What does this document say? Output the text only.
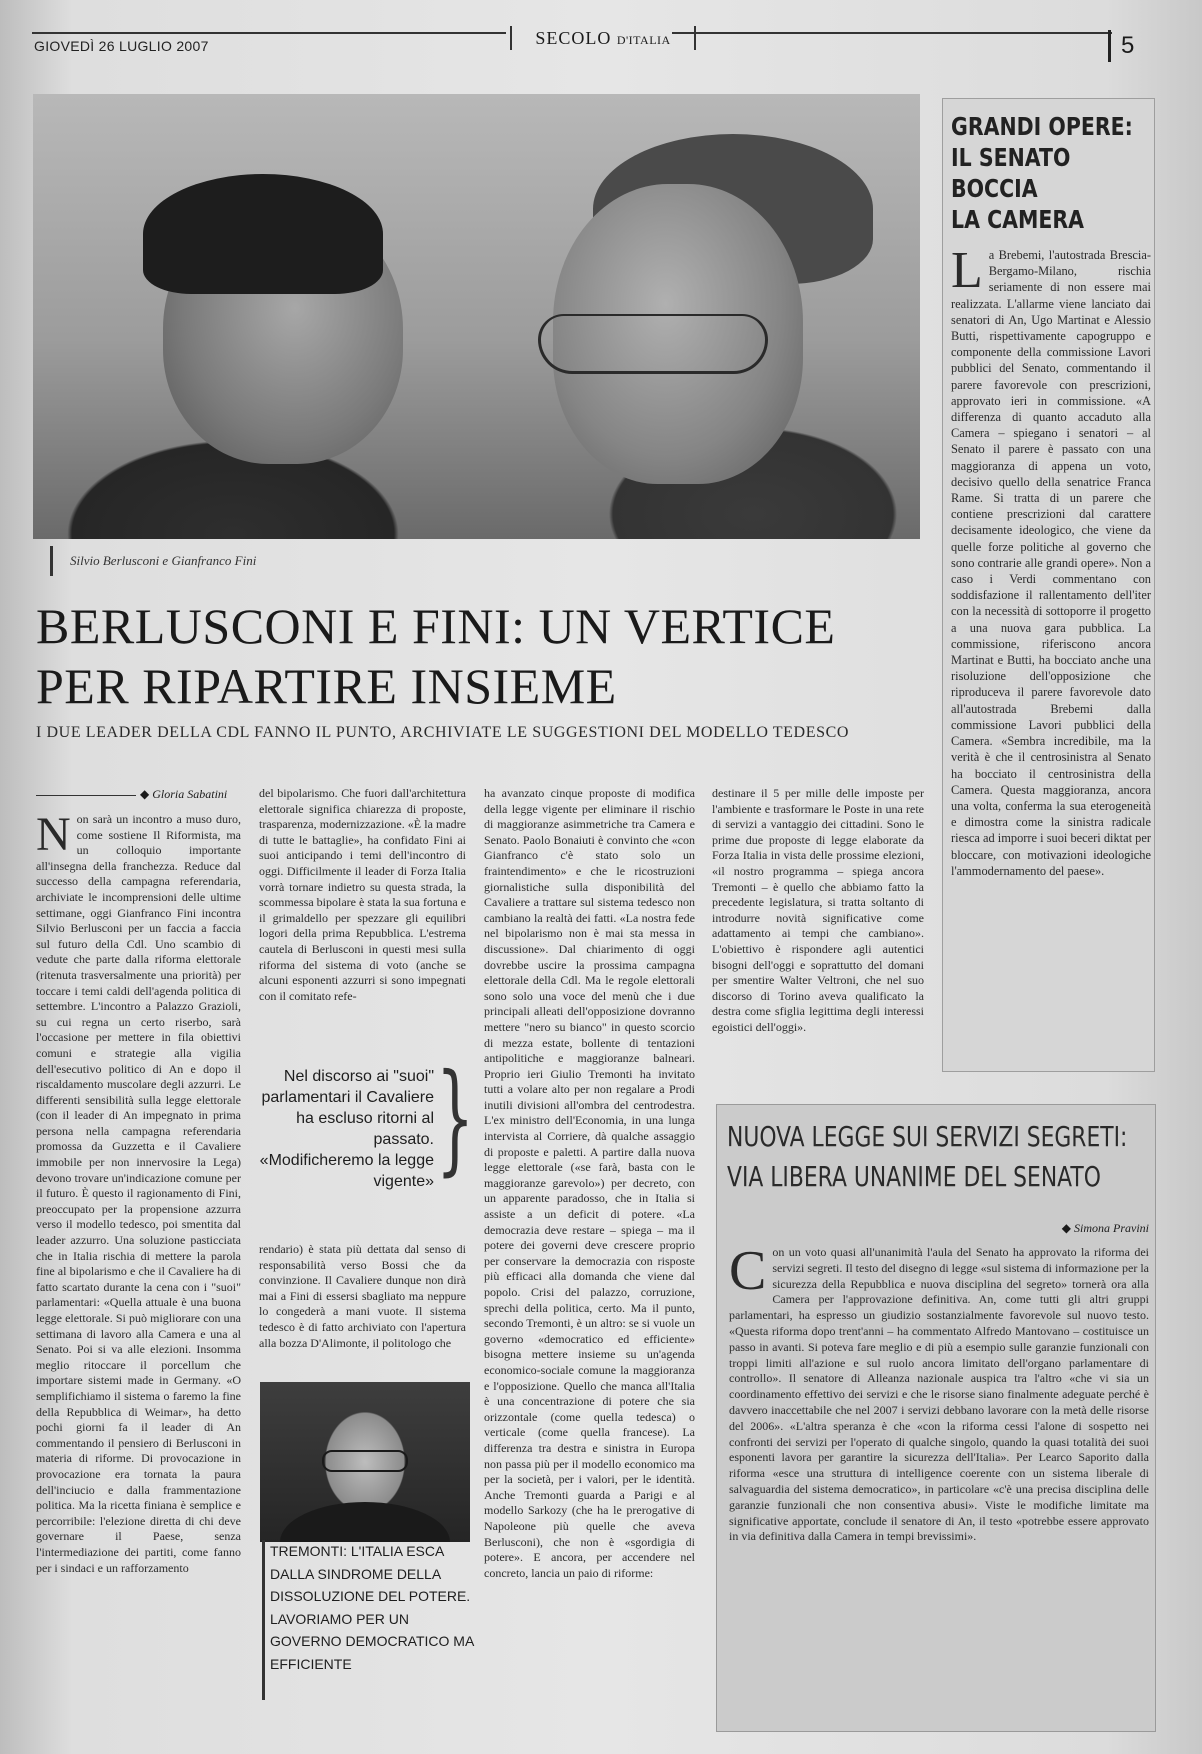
GIOVEDÌ 26 LUGLIO 2007	SECOLO D'ITALIA	5
Silvio Berlusconi e Gianfranco Fini
BERLUSCONI E FINI: UN VERTICE PER RIPARTIRE INSIEME
I DUE LEADER DELLA CDL FANNO IL PUNTO, ARCHIVIATE LE SUGGESTIONI DEL MODELLO TEDESCO
◆ Gloria Sabatini
N on sarà un incontro a muso duro, come sostiene Il Riformista, ma un colloquio importante all'insegna della franchezza. Reduce dal successo della campagna referendaria, archiviate le incomprensioni delle ultime settimane, oggi Gianfranco Fini incontra Silvio Berlusconi per un faccia a faccia sul futuro della Cdl. Uno scambio di vedute che parte dalla riforma elettorale (ritenuta trasversalmente una priorità) per toccare i temi caldi dell'agenda politica di settembre. L'incontro a Palazzo Grazioli, su cui regna un certo riserbo, sarà l'occasione per mettere in fila obiettivi comuni e strategie alla vigilia dell'esecutivo politico di An e dopo il riscaldamento muscolare degli azzurri. Le differenti sensibilità sulla legge elettorale (con il leader di An impegnato in prima persona nella campagna referendaria promossa da Guzzetta e il Cavaliere immobile per non innervosire la Lega) devono trovare un'indicazione comune per il futuro. È questo il ragionamento di Fini, preoccupato per la propensione azzurra verso il modello tedesco, poi smentita dal leader azzurro. Una soluzione pasticciata che in Italia rischia di mettere la parola fine al bipolarismo e che il Cavaliere ha di fatto scartato durante la cena con i "suoi" parlamentari: «Quella attuale è una buona legge elettorale. Si può migliorare con una settimana di lavoro alla Camera e una al Senato. Poi si va alle elezioni. Insomma meglio ritoccare il porcellum che importare sistemi made in Germany. «O semplifichiamo il sistema o faremo la fine della Repubblica di Weimar», ha detto pochi giorni fa il leader di An commentando il pensiero di Berlusconi in materia di riforme. Di provocazione in provocazione era tornata la paura dell'inciucio e dalla frammentazione politica. Ma la ricetta finiana è semplice e percorribile: l'elezione diretta di chi deve governare il Paese, senza l'intermediazione dei partiti, come fanno per i sindaci e un rafforzamento
del bipolarismo. Che fuori dall'architettura elettorale significa chiarezza di proposte, trasparenza, modernizzazione. «È la madre di tutte le battaglie», ha confidato Fini ai suoi anticipando i temi dell'incontro di oggi. Difficilmente il leader di Forza Italia vorrà tornare indietro su questa strada, la scommessa bipolare è stata la sua fortuna e il grimaldello per spezzare gli equilibri logori della prima Repubblica. L'estrema cautela di Berlusconi in questi mesi sulla riforma del sistema di voto (anche se alcuni esponenti azzurri si sono impegnati con il comitato refe-
Nel discorso ai "suoi" parlamentari il Cavaliere ha escluso ritorni al passato. «Modificheremo la legge vigente» }
rendario) è stata più dettata dal senso di responsabilità verso Bossi che da convinzione. Il Cavaliere dunque non dirà mai a Fini di essersi sbagliato ma neppure lo congederà a mani vuote. Il sistema tedesco è di fatto archiviato con l'apertura alla bozza D'Alimonte, il politologo che
TREMONTI: L'ITALIA ESCA DALLA SINDROME DELLA DISSOLUZIONE DEL POTERE. LAVORIAMO PER UN GOVERNO DEMOCRATICO MA EFFICIENTE
ha avanzato cinque proposte di modifica della legge vigente per eliminare il rischio di maggioranze asimmetriche tra Camera e Senato. Paolo Bonaiuti è convinto che «con Gianfranco c'è stato solo un fraintendimento» e che le ricostruzioni giornalistiche sulla disponibilità del Cavaliere a trattare sul sistema tedesco non cambiano la realtà dei fatti. «La nostra fede nel bipolarismo non è mai sta messa in discussione». Dal chiarimento di oggi dovrebbe uscire la prossima campagna elettorale della Cdl. Ma le regole elettorali sono solo una voce del menù che i due principali alleati dell'opposizione dovranno mettere "nero su bianco" in questo scorcio di mezza estate, bollente di tentazioni antipolitiche e maggioranze balneari. Proprio ieri Giulio Tremonti ha invitato tutti a volare alto per non regalare a Prodi inutili divisioni all'ombra del centrodestra. L'ex ministro dell'Economia, in una lunga intervista al Corriere, dà qualche assaggio di proposte e paletti. A partire dalla nuova legge elettorale («se farà, basta con le maggioranze garevolo») per decreto, con un apparente paradosso, che in Italia si assiste a un deficit di potere. «La democrazia deve restare – spiega – ma il potere dei governi deve crescere proprio per conservare la democrazia con risposte più efficaci alla domanda che viene dal popolo. Crisi del palazzo, corruzione, sprechi della politica, certo. Ma il punto, secondo Tremonti, è un altro: se si vuole un governo «democratico ed efficiente» bisogna mettere insieme su un'agenda economico-sociale comune la maggioranza e l'opposizione. Quello che manca all'Italia è una concentrazione di potere che sia orizzontale (come quella tedesca) o verticale (come quella francese). La differenza tra destra e sinistra in Europa non passa più per il modello economico ma per la società, per i valori, per le identità. Anche Tremonti guarda a Parigi e al modello Sarkozy (che ha le prerogative di Napoleone più quelle che aveva Berlusconi), che non è «sgordigia di potere». E ancora, per accendere nel concreto, lancia un paio di riforme:
destinare il 5 per mille delle imposte per l'ambiente e trasformare le Poste in una rete di servizi a vantaggio dei cittadini. Sono le prime due proposte di legge elaborate da Forza Italia in vista delle prossime elezioni, «il nostro programma – spiega ancora Tremonti – è quello che abbiamo fatto la precedente legislatura, si tratta soltanto di introdurre novità significative come adattamento ai tempi che cambiano». L'obiettivo è rispondere agli autentici bisogni dell'oggi e soprattutto del domani per smentire Walter Veltroni, che nel suo discorso di Torino aveva qualificato la destra come sfiglia legittima degli interessi egoistici dell'oggi».
GRANDI OPERE:
IL SENATO
BOCCIA
LA CAMERA
L a Brebemi, l'autostrada Brescia-Bergamo-Milano, rischia seriamente di non essere mai realizzata. L'allarme viene lanciato dai senatori di An, Ugo Martinat e Alessio Butti, rispettivamente capogruppo e componente della commissione Lavori pubblici del Senato, commentando il parere favorevole con prescrizioni, approvato ieri in commissione. «A differenza di quanto accaduto alla Camera – spiegano i senatori – al Senato il parere è passato con una maggioranza di appena un voto, decisivo quello della senatrice Franca Rame. Si tratta di un parere che contiene prescrizioni dal carattere decisamente ideologico, che viene da quelle forze politiche al governo che sono contrarie alle grandi opere». Non a caso i Verdi commentano con soddisfazione il rallentamento dell'iter con la necessità di sottoporre il progetto a una nuova gara pubblica. La commissione, riferiscono ancora Martinat e Butti, ha bocciato anche una risoluzione dell'opposizione che riproduceva il parere favorevole dato all'autostrada Brebemi dalla commissione Lavori pubblici della Camera. «Sembra incredibile, ma la verità è che il centrosinistra al Senato ha bocciato il centrosinistra della Camera. Questa maggioranza, ancora una volta, conferma la sua eterogeneità e dimostra come la sinistra radicale riesca ad imporre i suoi beceri diktat per bloccare, con motivazioni ideologiche l'ammodernamento del paese».
NUOVA LEGGE SUI SERVIZI SEGRETI:
VIA LIBERA UNANIME DEL SENATO
◆ Simona Pravini
C on un voto quasi all'unanimità l'aula del Senato ha approvato la riforma dei servizi segreti. Il testo del disegno di legge «sul sistema di informazione per la sicurezza della Repubblica e nuova disciplina del segreto» tornerà ora alla Camera per l'approvazione definitiva. An, come tutti gli altri gruppi parlamentari, ha espresso un giudizio sostanzialmente favorevole sul nuovo testo. «Questa riforma dopo trent'anni – ha commentato Alfredo Mantovano – costituisce un passo in avanti. Si poteva fare meglio e di più a esempio sulle garanzie funzionali con troppi limiti all'azione e sul ruolo ancora limitato dell'organo parlamentare di controllo». Il senatore di Alleanza nazionale auspica tra l'altro «che vi sia un coordinamento effettivo dei servizi e che le risorse siano finalmente adeguate perché è davvero inaccettabile che nel 2007 i servizi debbano lavorare con la metà delle risorse del 2006». «L'altra speranza è che «con la riforma cessi l'alone di sospetto nei confronti dei servizi per l'operato di qualche singolo, quando la quasi totalità dei suoi esponenti lavora per garantire la sicurezza dell'Italia». Per Learco Saporito dalla riforma «esce una struttura di intelligence coerente con un sistema liberale di salvaguardia del sistema democratico», in particolare «c'è una precisa disciplina delle garanzie funzionali che non consentiva abusi». Viste le modifiche limitate ma significative apportate, conclude il senatore di An, il testo «potrebbe essere approvato in via definitiva dalla Camera in tempi brevissimi».
